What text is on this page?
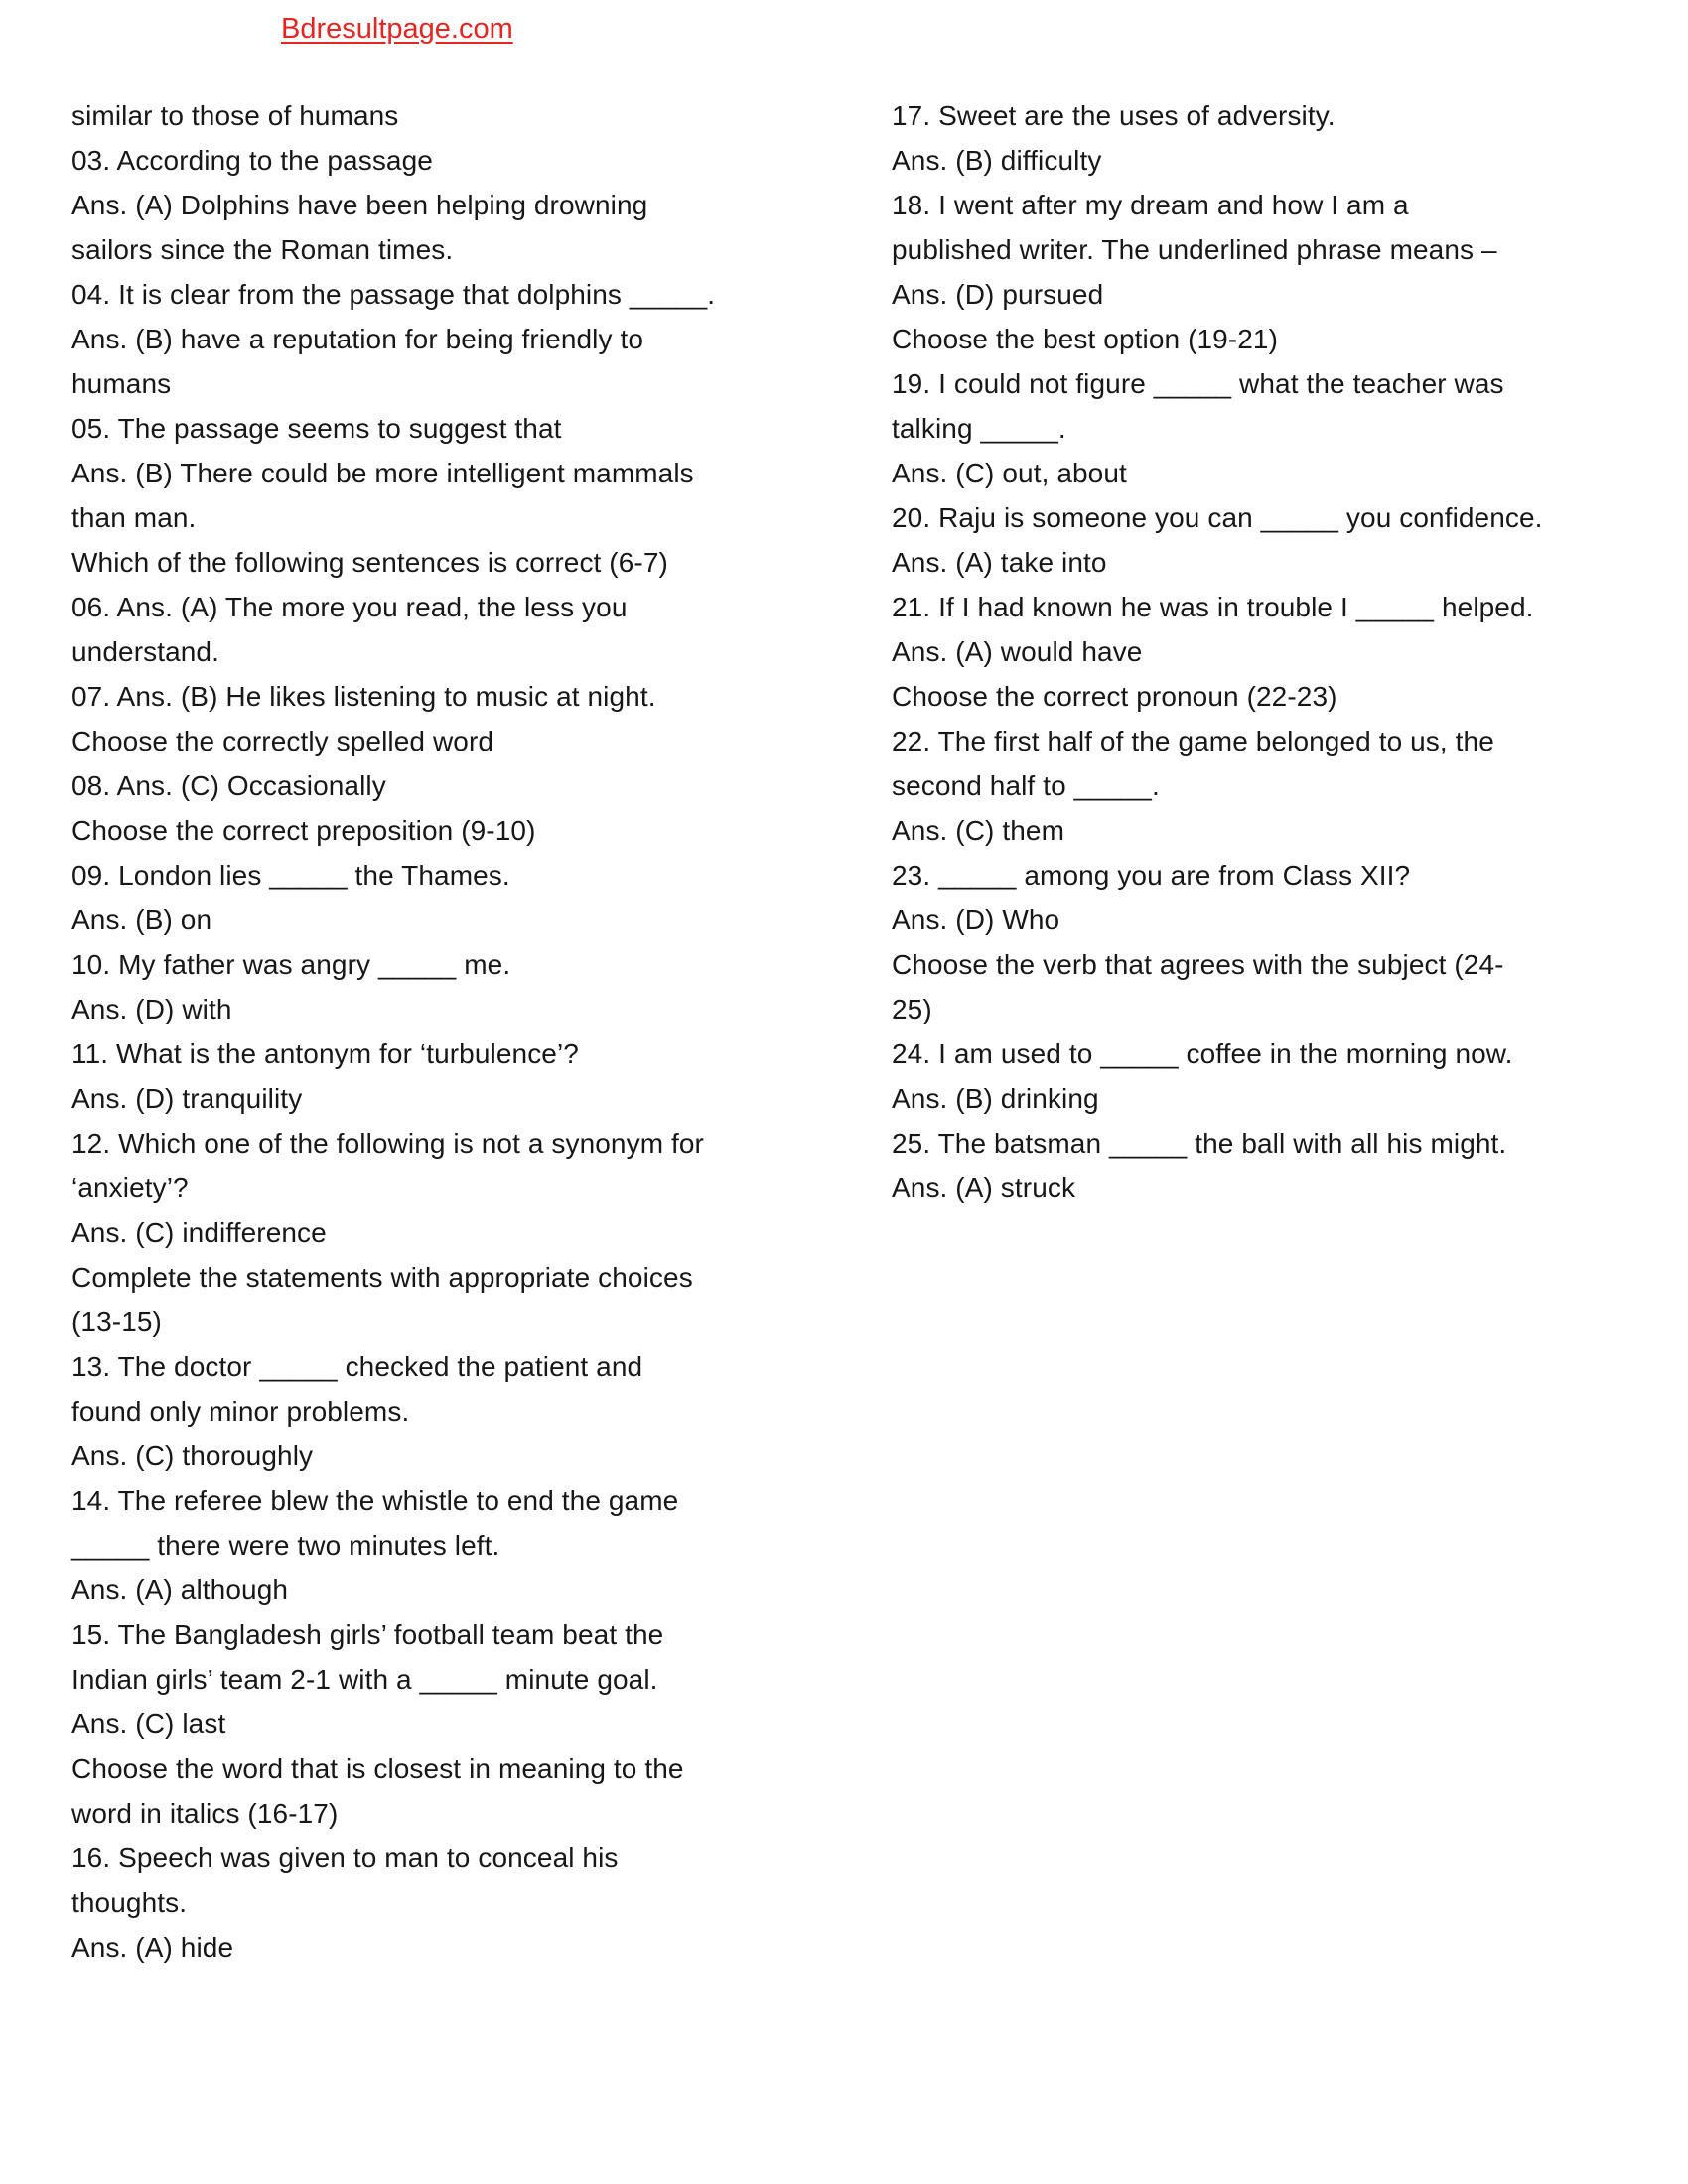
Bdresultpage.com
similar to those of humans
03. According to the passage
Ans. (A) Dolphins have been helping drowning
sailors since the Roman times.
04. It is clear from the passage that dolphins _____.
Ans. (B) have a reputation for being friendly to
humans
05. The passage seems to suggest that
Ans. (B) There could be more intelligent mammals
than man.
Which of the following sentences is correct (6-7)
06. Ans. (A) The more you read, the less you
understand.
07. Ans. (B) He likes listening to music at night.
Choose the correctly spelled word
08. Ans. (C) Occasionally
Choose the correct preposition (9-10)
09. London lies _____ the Thames.
Ans. (B) on
10. My father was angry _____ me.
Ans. (D) with
11. What is the antonym for ‘turbulence’?
Ans. (D) tranquility
12. Which one of the following is not a synonym for
‘anxiety’?
Ans. (C) indifference
Complete the statements with appropriate choices
(13-15)
13. The doctor _____ checked the patient and
found only minor problems.
Ans. (C) thoroughly
14. The referee blew the whistle to end the game
_____ there were two minutes left.
Ans. (A) although
15. The Bangladesh girls’ football team beat the
Indian girls’ team 2-1 with a _____ minute goal.
Ans. (C) last
Choose the word that is closest in meaning to the
word in italics (16-17)
16. Speech was given to man to conceal his
thoughts.
Ans. (A) hide
17. Sweet are the uses of adversity.
Ans. (B) difficulty
18. I went after my dream and how I am a
published writer. The underlined phrase means –
Ans. (D) pursued
Choose the best option (19-21)
19. I could not figure _____ what the teacher was
talking _____.
Ans. (C) out, about
20. Raju is someone you can _____ you confidence.
Ans. (A) take into
21. If I had known he was in trouble I _____ helped.
Ans. (A) would have
Choose the correct pronoun (22-23)
22. The first half of the game belonged to us, the
second half to _____.
Ans. (C) them
23. _____ among you are from Class XII?
Ans. (D) Who
Choose the verb that agrees with the subject (24-
25)
24. I am used to _____ coffee in the morning now.
Ans. (B) drinking
25. The batsman _____ the ball with all his might.
Ans. (A) struck
